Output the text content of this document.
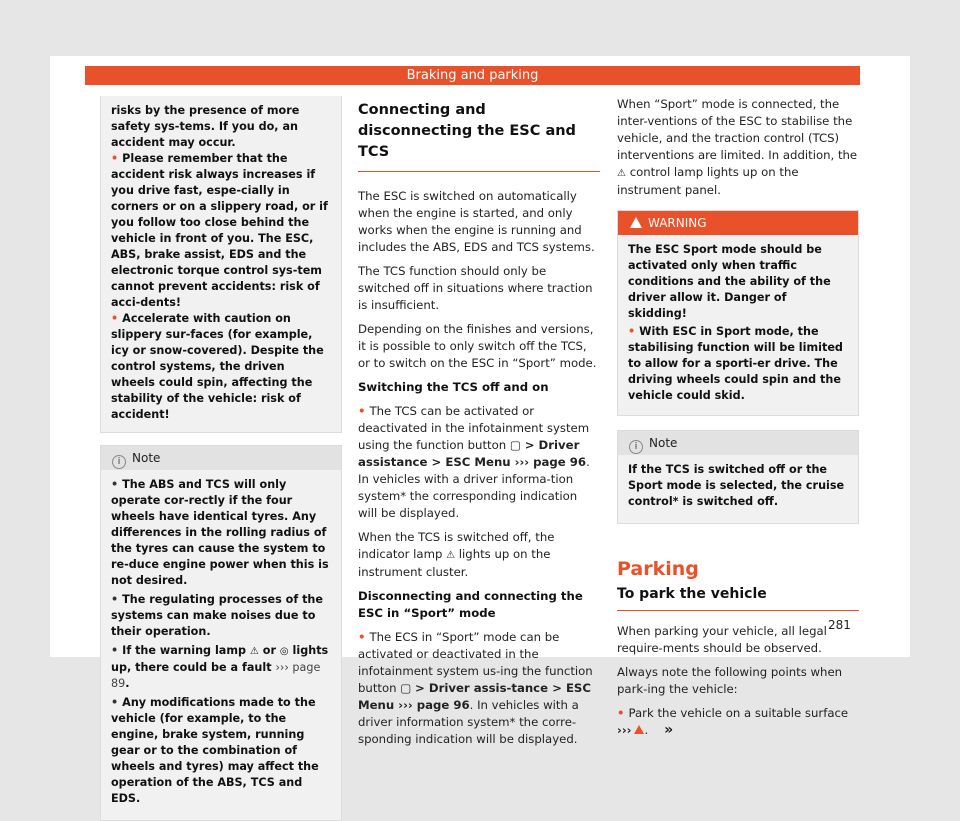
Braking and parking

risks by the presence of more safety sys-tems. If you do, an accident may occur.

• Please remember that the accident risk always increases if you drive fast, espe-cially in corners or on a slippery road, or if you follow too close behind the vehicle in front of you. The ESC, ABS, brake assist, EDS and the electronic torque control sys-tem cannot prevent accidents: risk of acci-dents!

• Accelerate with caution on slippery sur-faces (for example, icy or snow-covered). Despite the control systems, the driven wheels could spin, affecting the stability of the vehicle: risk of accident!

i Note

• The ABS and TCS will only operate cor-rectly if the four wheels have identical tyres. Any differences in the rolling radius of the tyres can cause the system to re-duce engine power when this is not desired.

• The regulating processes of the systems can make noises due to their operation.

• If the warning lamp ⚠ or ◎ lights up, there could be a fault ››› page 89.

• Any modifications made to the vehicle (for example, to the engine, brake system, running gear or to the combination of wheels and tyres) may affect the operation of the ABS, TCS and EDS.

Connecting and disconnecting the ESC and TCS

The ESC is switched on automatically when the engine is started, and only works when the engine is running and includes the ABS, EDS and TCS systems.

The TCS function should only be switched off in situations where traction is insufficient.

Depending on the finishes and versions, it is possible to only switch off the TCS, or to switch on the ESC in “Sport” mode.

Switching the TCS off and on

• The TCS can be activated or deactivated in the infotainment system using the function button ▢ > Driver assistance > ESC Menu ››› page 96. In vehicles with a driver informa-tion system* the corresponding indication will be displayed.

When the TCS is switched off, the indicator lamp ⚠ lights up on the instrument cluster.

Disconnecting and connecting the ESC in “Sport” mode

• The ECS in “Sport” mode can be activated or deactivated in the infotainment system us-ing the function button ▢ > Driver assis-tance > ESC Menu ››› page 96. In vehicles with a driver information system* the corre-sponding indication will be displayed.

When “Sport” mode is connected, the inter-ventions of the ESC to stabilise the vehicle, and the traction control (TCS) interventions are limited. In addition, the ⚠ control lamp lights up on the instrument panel.

WARNING

The ESC Sport mode should be activated only when traffic conditions and the ability of the driver allow it. Danger of skidding!

• With ESC in Sport mode, the stabilising function will be limited to allow for a sporti-er drive. The driving wheels could spin and the vehicle could skid.

i Note

If the TCS is switched off or the Sport mode is selected, the cruise control* is switched off.

Parking
To park the vehicle

When parking your vehicle, all legal require-ments should be observed.

Always note the following points when park-ing the vehicle:

• Park the vehicle on a suitable surface ››› . »

281
